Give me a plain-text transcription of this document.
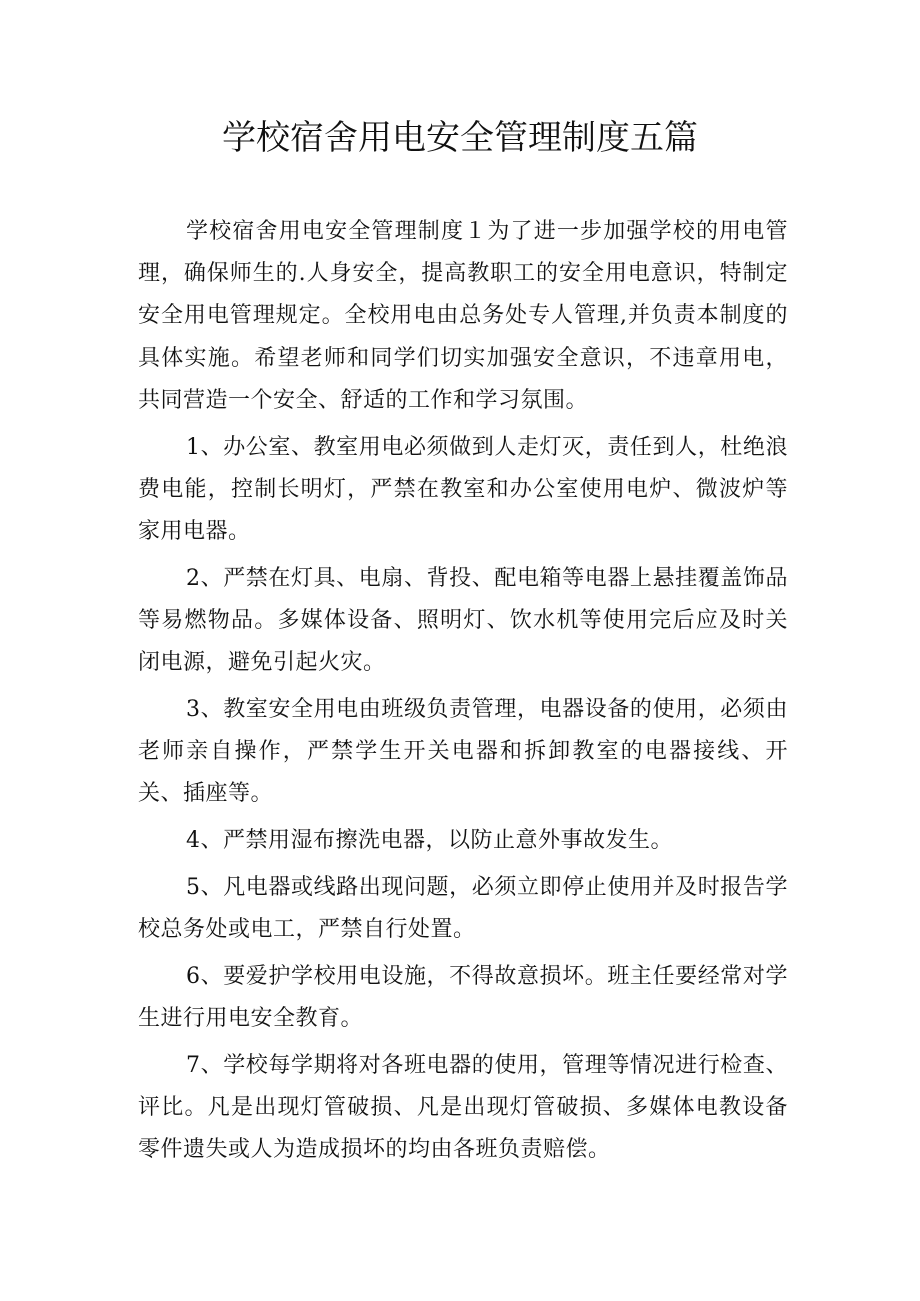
学校宿舍用电安全管理制度五篇

学校宿舍用电安全管理制度１为了进一步加强学校的用电管理，确保师生的.人身安全，提高教职工的安全用电意识，特制定安全用电管理规定。全校用电由总务处专人管理,并负责本制度的具体实施。希望老师和同学们切实加强安全意识，不违章用电，共同营造一个安全、舒适的工作和学习氛围。

1、办公室、教室用电必须做到人走灯灭，责任到人，杜绝浪费电能，控制长明灯，严禁在教室和办公室使用电炉、微波炉等家用电器。

2、严禁在灯具、电扇、背投、配电箱等电器上悬挂覆盖饰品等易燃物品。多媒体设备、照明灯、饮水机等使用完后应及时关闭电源，避免引起火灾。

3、教室安全用电由班级负责管理，电器设备的使用，必须由老师亲自操作，严禁学生开关电器和拆卸教室的电器接线、开关、插座等。

4、严禁用湿布擦洗电器，以防止意外事故发生。

5、凡电器或线路出现问题，必须立即停止使用并及时报告学校总务处或电工，严禁自行处置。

6、要爱护学校用电设施，不得故意损坏。班主任要经常对学生进行用电安全教育。

7、学校每学期将对各班电器的使用，管理等情况进行检查、评比。凡是出现灯管破损、凡是出现灯管破损、多媒体电教设备零件遗失或人为造成损坏的均由各班负责赔偿。
